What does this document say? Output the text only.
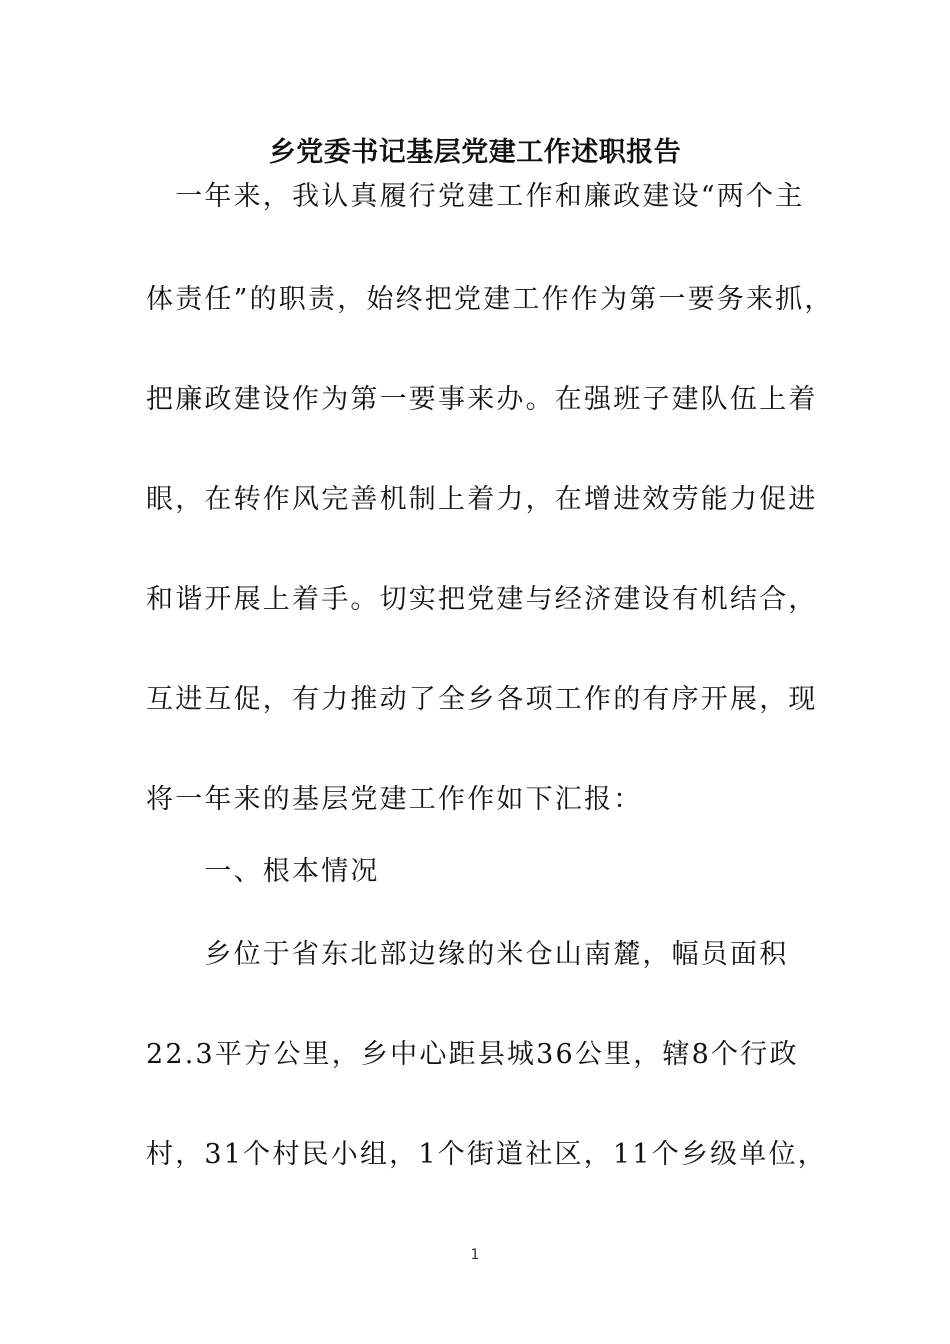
乡党委书记基层党建工作述职报告
　一年来，我认真履行党建工作和廉政建设“两个主
体责任”的职责，始终把党建工作作为第一要务来抓，
把廉政建设作为第一要事来办。在强班子建队伍上着
眼，在转作风完善机制上着力，在增进效劳能力促进
和谐开展上着手。切实把党建与经济建设有机结合，
互进互促，有力推动了全乡各项工作的有序开展，现
将一年来的基层党建工作作如下汇报：
　　一、根本情况
　　乡位于省东北部边缘的米仓山南麓，幅员面积
22.3平方公里，乡中心距县城36公里，辖8个行政
村，31个村民小组，1个街道社区，11个乡级单位，
1
